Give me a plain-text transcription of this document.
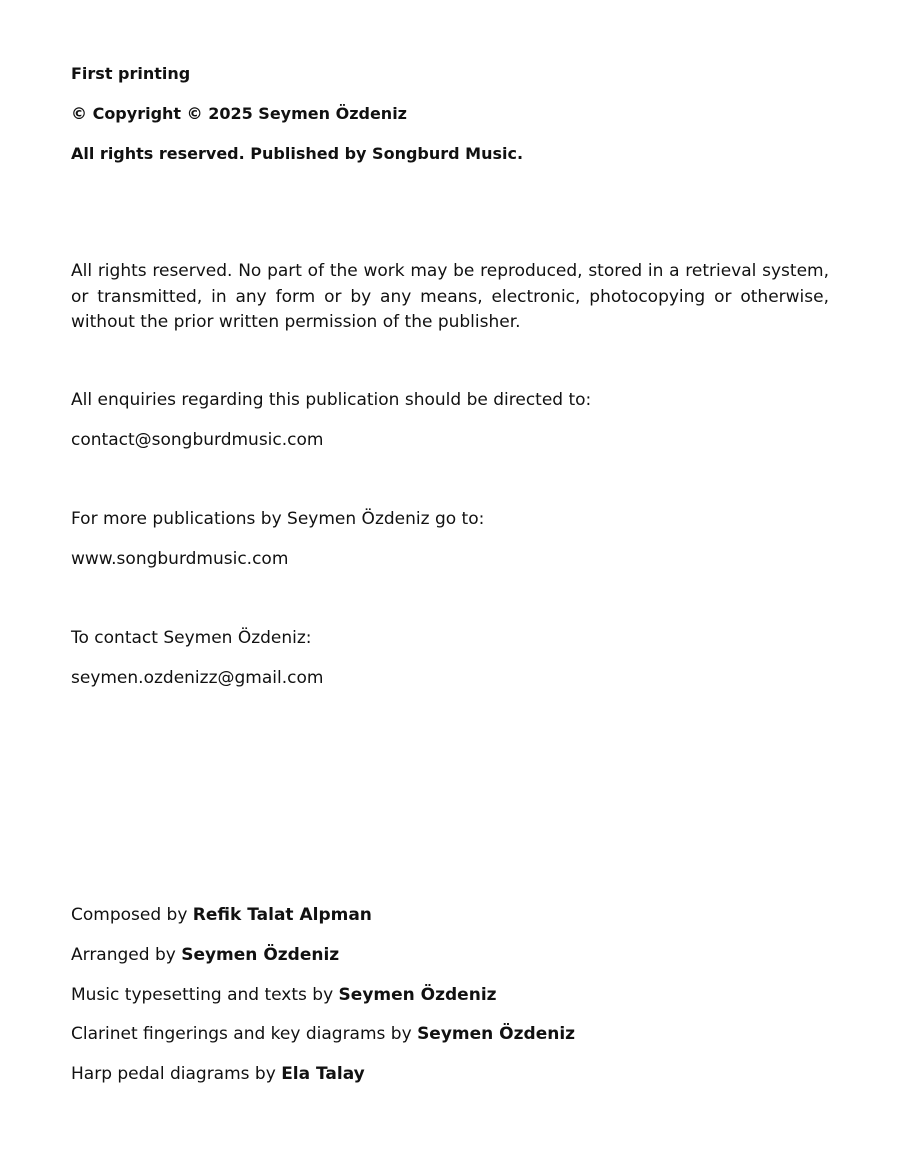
First printing
© Copyright © 2025 Seymen Özdeniz
All rights reserved. Published by Songburd Music.
All rights reserved. No part of the work may be reproduced, stored in a retrieval system, or transmitted, in any form or by any means, electronic, photocopying or otherwise, without the prior written permission of the publisher.
All enquiries regarding this publication should be directed to:
contact@songburdmusic.com
For more publications by Seymen Özdeniz go to:
www.songburdmusic.com
To contact Seymen Özdeniz:
seymen.ozdenizz@gmail.com
Composed by Refik Talat Alpman
Arranged by Seymen Özdeniz
Music typesetting and texts by Seymen Özdeniz
Clarinet fingerings and key diagrams by Seymen Özdeniz
Harp pedal diagrams by Ela Talay
